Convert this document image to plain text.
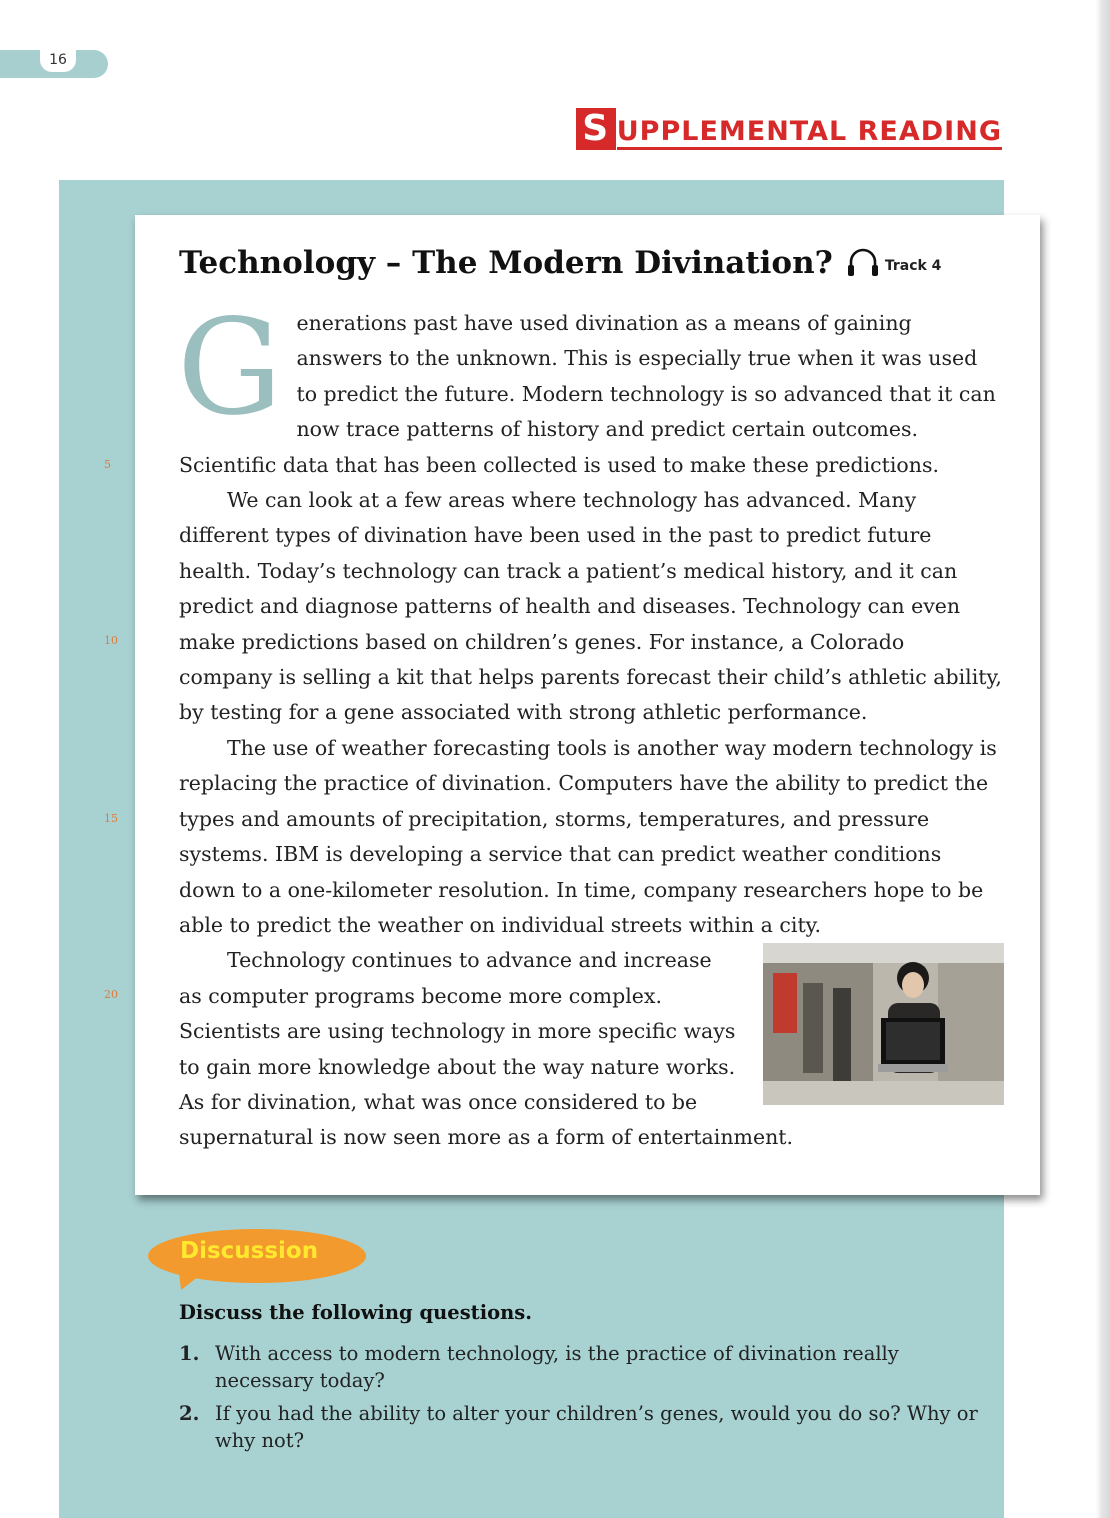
16
S UPPLEMENTAL READING
5
10
15
20
Technology – The Modern Divination?	Track 4

Generations past have used divination as a means of gaining answers to the unknown. This is especially true when it was used to predict the future. Modern technology is so advanced that it can now trace patterns of history and predict certain outcomes. Scientific data that has been collected is used to make these predictions.

We can look at a few areas where technology has advanced. Many different types of divination have been used in the past to predict future health. Today’s technology can track a patient’s medical history, and it can predict and diagnose patterns of health and diseases. Technology can even make predictions based on children’s genes. For instance, a Colorado company is selling a kit that helps parents forecast their child’s athletic ability, by testing for a gene associated with strong athletic performance.

The use of weather forecasting tools is another way modern technology is replacing the practice of divination. Computers have the ability to predict the types and amounts of precipitation, storms, temperatures, and pressure systems. IBM is developing a service that can predict weather conditions down to a one-kilometer resolution. In time, company researchers hope to be able to predict the weather on individual streets within a city.

Technology continues to advance and increase as computer programs become more complex. Scientists are using technology in more specific ways to gain more knowledge about the way nature works. As for divination, what was once considered to be supernatural is now seen more as a form of entertainment.

Discussion
Discuss the following questions.
1. With access to modern technology, is the practice of divination really necessary today?
2. If you had the ability to alter your children’s genes, would you do so? Why or why not?
